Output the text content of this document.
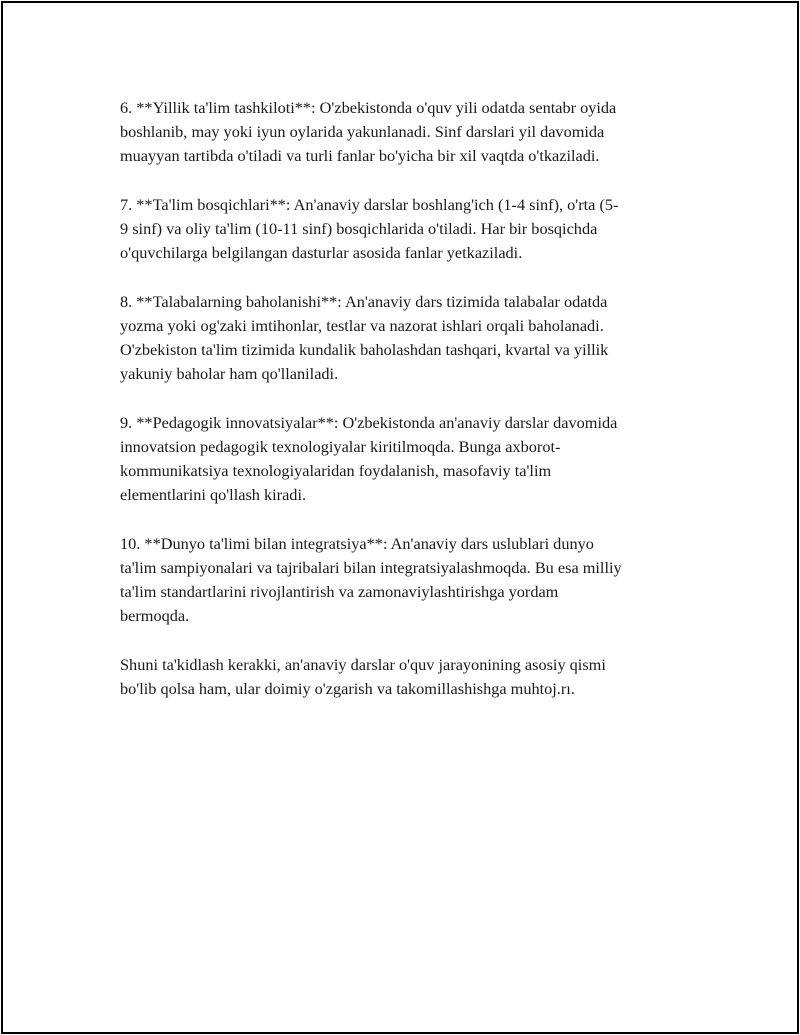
6. **Yillik ta'lim tashkiloti**: O'zbekistonda o'quv yili odatda sentabr oyida
boshlanib, may yoki iyun oylarida yakunlanadi. Sinf darslari yil davomida
muayyan tartibda o'tiladi va turli fanlar bo'yicha bir xil vaqtda o'tkaziladi.

7. **Ta'lim bosqichlari**: An'anaviy darslar boshlang'ich (1-4 sinf), o'rta (5-
9 sinf) va oliy ta'lim (10-11 sinf) bosqichlarida o'tiladi. Har bir bosqichda
o'quvchilarga belgilangan dasturlar asosida fanlar yetkaziladi.

8. **Talabalarning baholanishi**: An'anaviy dars tizimida talabalar odatda
yozma yoki og'zaki imtihonlar, testlar va nazorat ishlari orqali baholanadi.
O'zbekiston ta'lim tizimida kundalik baholashdan tashqari, kvartal va yillik
yakuniy baholar ham qo'llaniladi.

9. **Pedagogik innovatsiyalar**: O'zbekistonda an'anaviy darslar davomida
innovatsion pedagogik texnologiyalar kiritilmoqda. Bunga axborot-
kommunikatsiya texnologiyalaridan foydalanish, masofaviy ta'lim
elementlarini qo'llash kiradi.

10. **Dunyo ta'limi bilan integratsiya**: An'anaviy dars uslublari dunyo
ta'lim sampiyonalari va tajribalari bilan integratsiyalashmoqda. Bu esa milliy
ta'lim standartlarini rivojlantirish va zamonaviylashtirishga yordam
bermoqda.

Shuni ta'kidlash kerakki, an'anaviy darslar o'quv jarayonining asosiy qismi
bo'lib qolsa ham, ular doimiy o'zgarish va takomillashishga muhtoj.rı.
